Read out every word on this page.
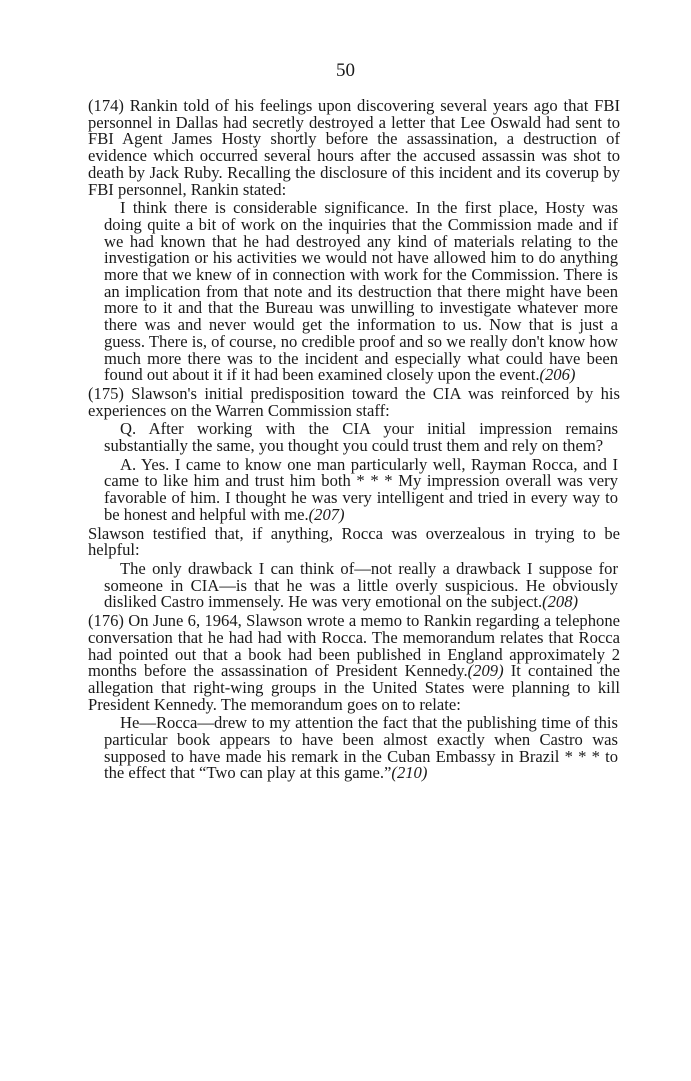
50

(174) Rankin told of his feelings upon discovering several years ago that FBI personnel in Dallas had secretly destroyed a letter that Lee Oswald had sent to FBI Agent James Hosty shortly before the assassination, a destruction of evidence which occurred several hours after the accused assassin was shot to death by Jack Ruby. Recalling the disclosure of this incident and its coverup by FBI personnel, Rankin stated:

I think there is considerable significance. In the first place, Hosty was doing quite a bit of work on the inquiries that the Commission made and if we had known that he had destroyed any kind of materials relating to the investigation or his activities we would not have allowed him to do anything more that we knew of in connection with work for the Commission. There is an implication from that note and its destruction that there might have been more to it and that the Bureau was unwilling to investigate whatever more there was and never would get the information to us. Now that is just a guess. There is, of course, no credible proof and so we really don't know how much more there was to the incident and especially what could have been found out about it if it had been examined closely upon the event.(206)

(175) Slawson's initial predisposition toward the CIA was reinforced by his experiences on the Warren Commission staff:

Q. After working with the CIA your initial impression remains substantially the same, you thought you could trust them and rely on them?

A. Yes. I came to know one man particularly well, Rayman Rocca, and I came to like him and trust him both * * * My impression overall was very favorable of him. I thought he was very intelligent and tried in every way to be honest and helpful with me.(207)

Slawson testified that, if anything, Rocca was overzealous in trying to be helpful:

The only drawback I can think of—not really a drawback I suppose for someone in CIA—is that he was a little overly suspicious. He obviously disliked Castro immensely. He was very emotional on the subject.(208)

(176) On June 6, 1964, Slawson wrote a memo to Rankin regarding a telephone conversation that he had had with Rocca. The memorandum relates that Rocca had pointed out that a book had been published in England approximately 2 months before the assassination of President Kennedy.(209) It contained the allegation that right-wing groups in the United States were planning to kill President Kennedy. The memorandum goes on to relate:

He—Rocca—drew to my attention the fact that the publishing time of this particular book appears to have been almost exactly when Castro was supposed to have made his remark in the Cuban Embassy in Brazil * * * to the effect that “Two can play at this game.”(210)
